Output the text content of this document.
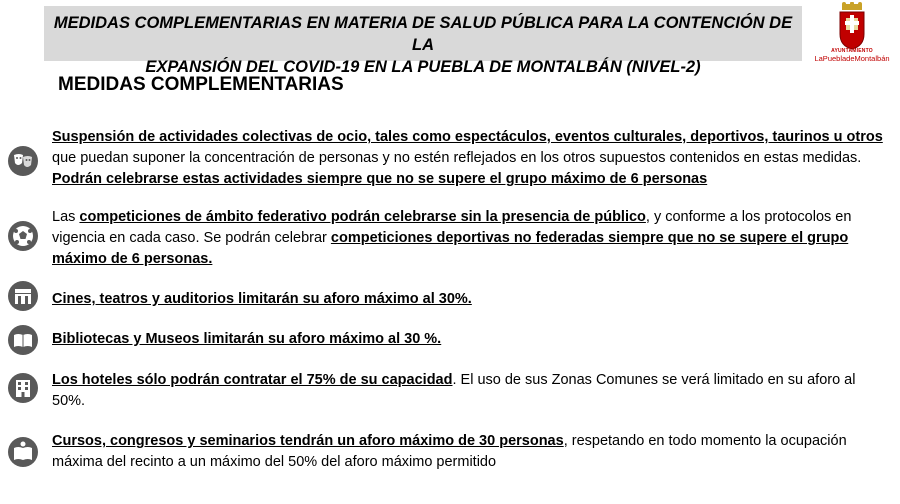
MEDIDAS COMPLEMENTARIAS EN MATERIA DE SALUD PÚBLICA PARA LA CONTENCIÓN DE LA
EXPANSIÓN DEL COVID-19 EN LA PUEBLA DE MONTALBÁN (NIVEL-2)
AYUNTAMIENTO
LaPuebladeMontalbán
MEDIDAS COMPLEMENTARIAS
Suspensión de actividades colectivas de ocio, tales como espectáculos, eventos culturales, deportivos, taurinos u otros que puedan suponer la concentración de personas y no estén reflejados en los otros supuestos contenidos en estas medidas. Podrán celebrarse estas actividades siempre que no se supere el grupo máximo de 6 personas
Las competiciones de ámbito federativo podrán celebrarse sin la presencia de público, y conforme a los protocolos en vigencia en cada caso. Se podrán celebrar competiciones deportivas no federadas siempre que no se supere el grupo máximo de 6 personas.
Cines, teatros y auditorios limitarán su aforo máximo al 30%.
Bibliotecas y Museos limitarán su aforo máximo al 30 %.
Los hoteles sólo podrán contratar el 75% de su capacidad. El uso de sus Zonas Comunes se verá limitado en su aforo al 50%.
Cursos, congresos y seminarios tendrán un aforo máximo de 30 personas, respetando en todo momento la ocupación máxima del recinto a un máximo del 50% del aforo máximo permitido
